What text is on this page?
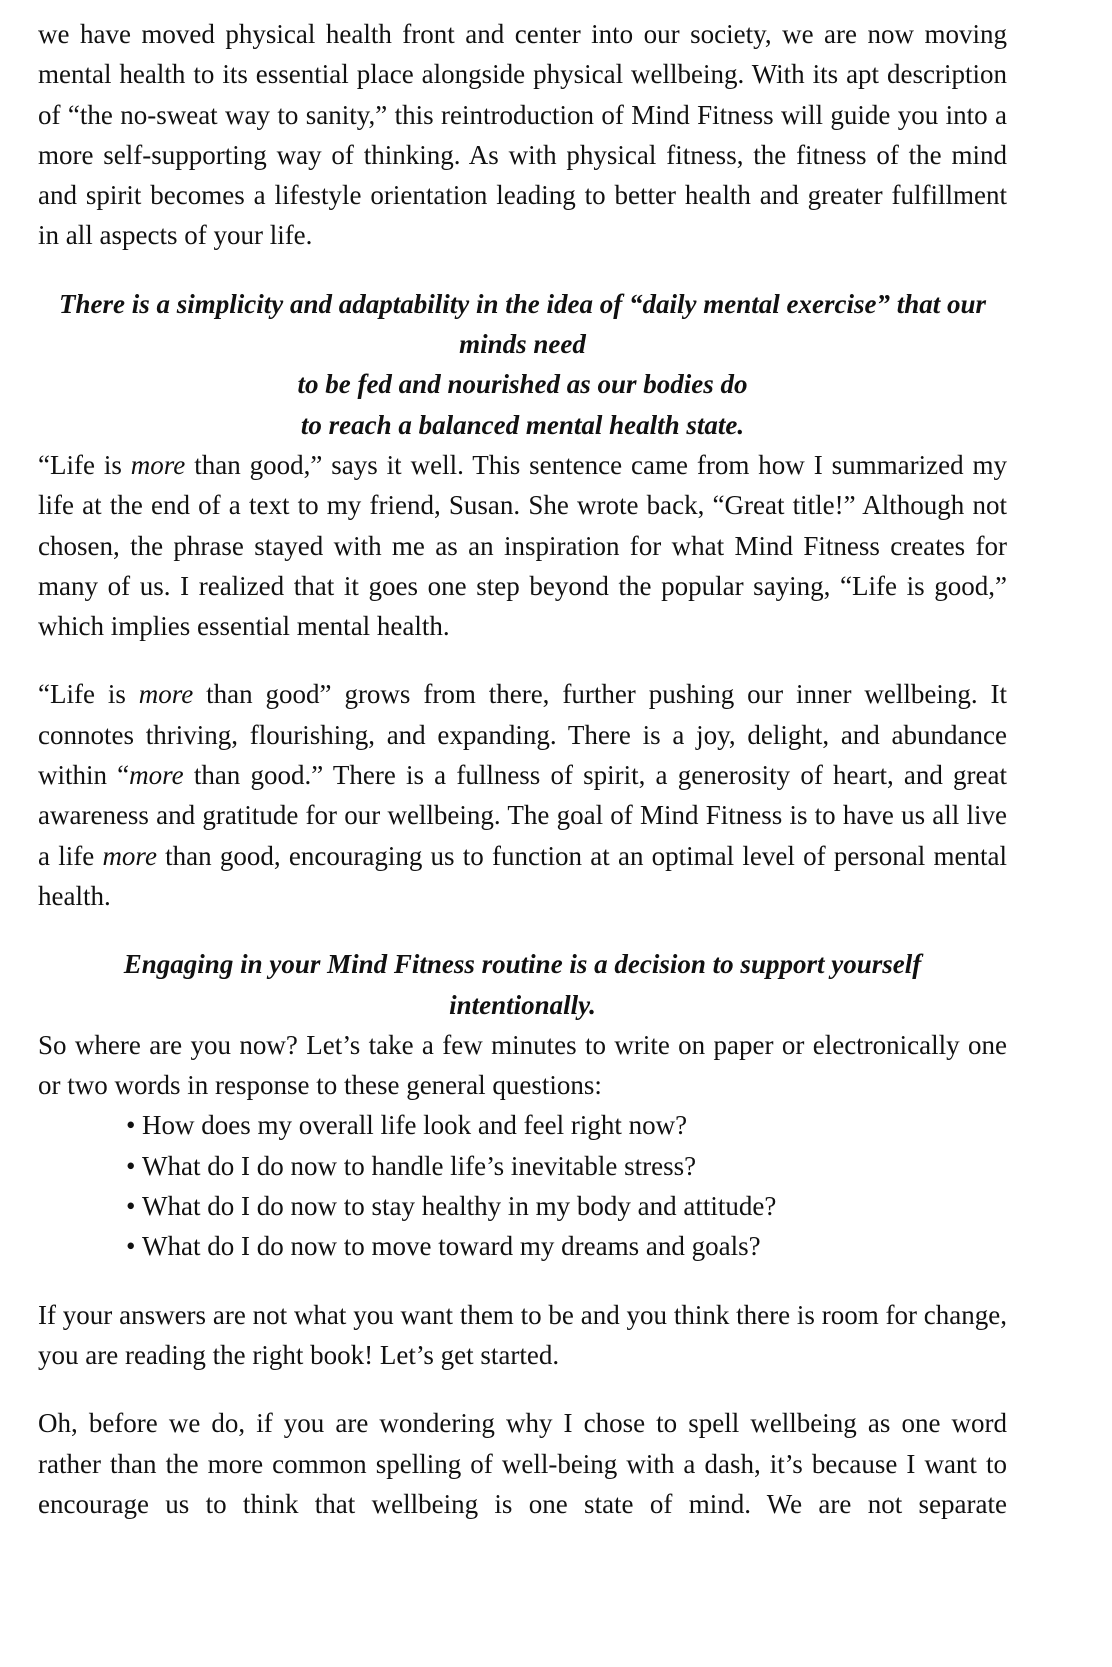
we have moved physical health front and center into our society, we are now moving mental health to its essential place alongside physical wellbeing. With its apt description of “the no-sweat way to sanity,” this reintroduction of Mind Fitness will guide you into a more self-supporting way of thinking. As with physical fitness, the fitness of the mind and spirit becomes a lifestyle orientation leading to better health and greater fulfillment in all aspects of your life.

There is a simplicity and adaptability in the idea of “daily mental exercise” that our minds need
to be fed and nourished as our bodies do
to reach a balanced mental health state.

“Life is more than good,” says it well. This sentence came from how I summarized my life at the end of a text to my friend, Susan. She wrote back, “Great title!” Although not chosen, the phrase stayed with me as an inspiration for what Mind Fitness creates for many of us. I realized that it goes one step beyond the popular saying, “Life is good,” which implies essential mental health.

“Life is more than good” grows from there, further pushing our inner wellbeing. It connotes thriving, flourishing, and expanding. There is a joy, delight, and abundance within “more than good.” There is a fullness of spirit, a generosity of heart, and great awareness and gratitude for our wellbeing. The goal of Mind Fitness is to have us all live a life more than good, encouraging us to function at an optimal level of personal mental health.

Engaging in your Mind Fitness routine is a decision to support yourself intentionally.

So where are you now? Let’s take a few minutes to write on paper or electronically one or two words in response to these general questions:

• How does my overall life look and feel right now?
• What do I do now to handle life’s inevitable stress?
• What do I do now to stay healthy in my body and attitude?
• What do I do now to move toward my dreams and goals?

If your answers are not what you want them to be and you think there is room for change, you are reading the right book! Let’s get started.

Oh, before we do, if you are wondering why I chose to spell wellbeing as one word rather than the more common spelling of well-being with a dash, it’s because I want to encourage us to think that wellbeing is one state of mind. We are not separate
